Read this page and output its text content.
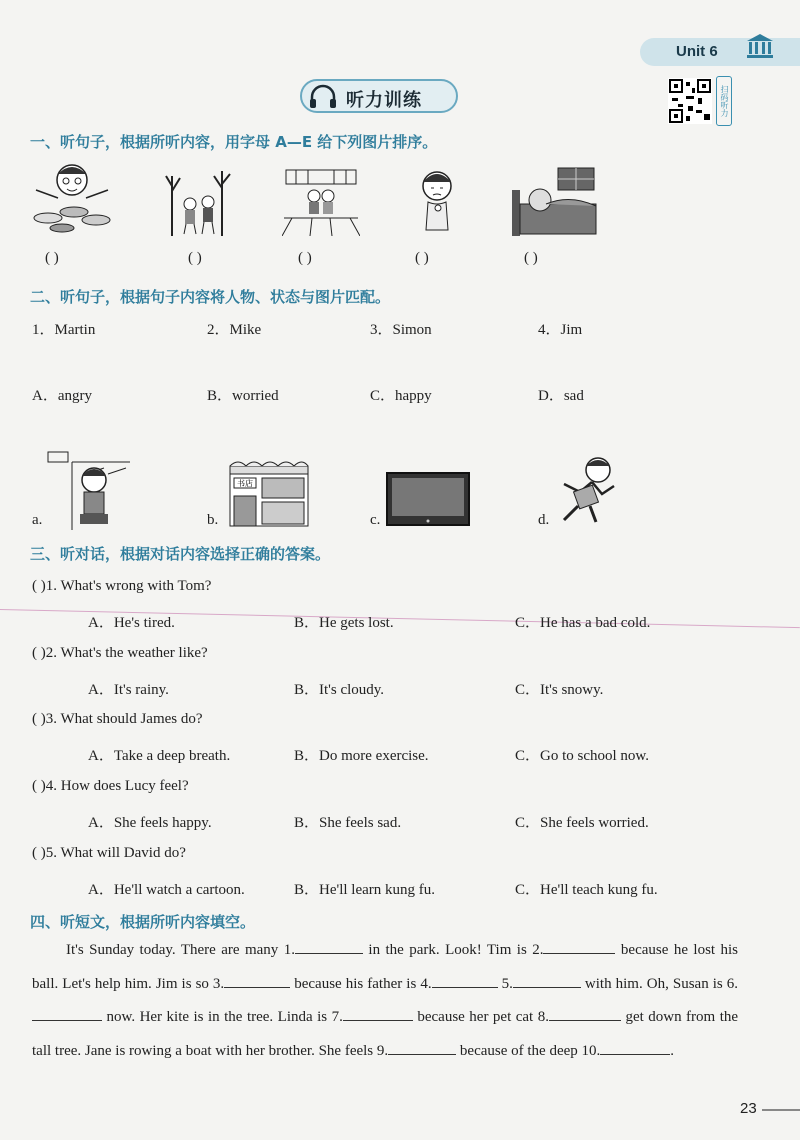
Unit 6
扫码听力
听力训练
一、听句子，根据所听内容，用字母 A—E 给下列图片排序。
( )	( )	( )	( )	( )
二、听句子，根据句子内容将人物、状态与图片匹配。
1．Martin	2．Mike	3．Simon	4．Jim
A．angry	B．worried	C．happy	D．sad
书店
a.	b.	c.	d.
三、听对话，根据对话内容选择正确的答案。
( )1. What's wrong with Tom?
A．He's tired.	B．He gets lost.	C．He has a bad cold.
( )2. What's the weather like?
A．It's rainy.	B．It's cloudy.	C．It's snowy.
( )3. What should James do?
A．Take a deep breath.	B．Do more exercise.	C．Go to school now.
( )4. How does Lucy feel?
A．She feels happy.	B．She feels sad.	C．She feels worried.
( )5. What will David do?
A．He'll watch a cartoon.	B．He'll learn kung fu.	C．He'll teach kung fu.
四、听短文，根据所听内容填空。
It's Sunday today. There are many 1.	in the park. Look! Tim is 2.	because he lost his ball. Let's help him. Jim is so 3.	because his father is 4.	5.	with him. Oh, Susan is 6. now. Her kite is in the tree. Linda is 7.	because her pet cat 8.	get down from the tall tree. Jane is rowing a boat with her brother. She feels 9.	because of the deep 10.	.
23
